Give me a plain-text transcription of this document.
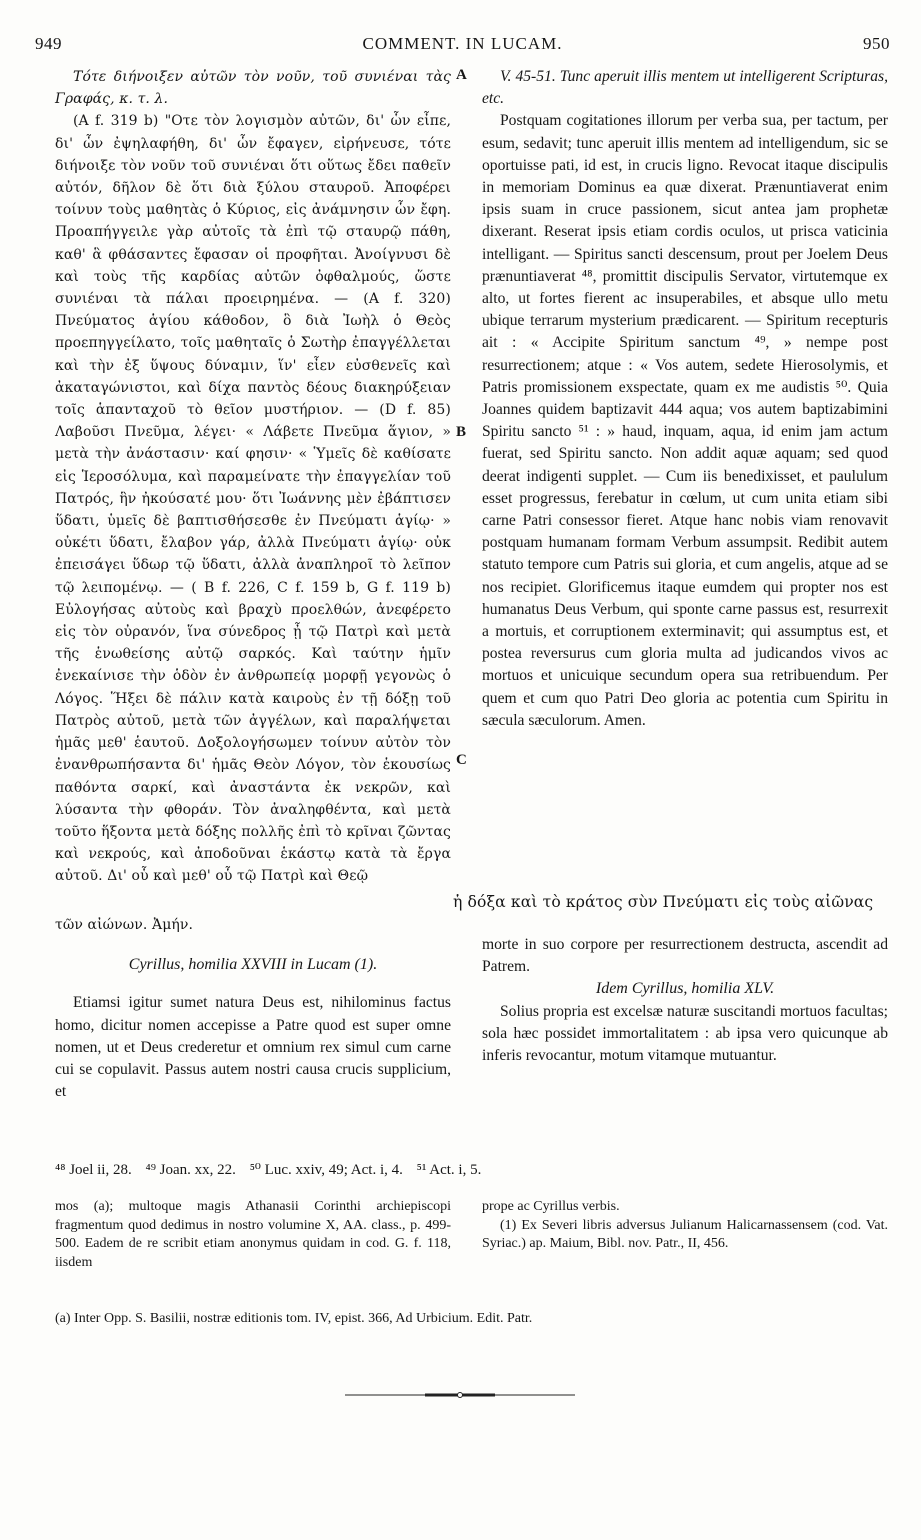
949	COMMENT. IN LUCAM.	950
A
B
C

Τότε διήνοιξεν αὐτῶν τὸν νοῦν, τοῦ συνιέναι τὰς Γραφάς, κ. τ. λ.

(A f. 319 b) "Οτε τὸν λογισμὸν αὐτῶν, δι' ὧν εἶπε, δι' ὧν ἐψηλαφήθη, δι' ὧν ἔφαγεν, εἰρήνευσε, τότε διήνοιξε τὸν νοῦν τοῦ συνιέναι ὅτι οὕτως ἔδει παθεῖν αὐτόν, δῆλον δὲ ὅτι διὰ ξύλου σταυροῦ. Ἀποφέρει τοίνυν τοὺς μαθητὰς ὁ Κύριος, εἰς ἀνάμνησιν ὧν ἔφη. Προαπήγγειλε γὰρ αὐτοῖς τὰ ἐπὶ τῷ σταυρῷ πάθη, καθ' ἃ φθάσαντες ἔφασαν οἱ προφῆται. Ἀνοίγνυσι δὲ καὶ τοὺς τῆς καρδίας αὐτῶν ὀφθαλμούς, ὥστε συνιέναι τὰ πάλαι προειρημένα. — (A f. 320) Πνεύματος ἁγίου κάθοδον, ὃ διὰ Ἰωὴλ ὁ Θεὸς προεπηγγείλατο, τοῖς μαθηταῖς ὁ Σωτὴρ ἐπαγγέλλεται καὶ τὴν ἐξ ὕψους δύναμιν, ἵν' εἶεν εὐσθενεῖς καὶ ἀκαταγώνιστοι, καὶ δίχα παντὸς δέους διακηρύξειαν τοῖς ἁπανταχοῦ τὸ θεῖον μυστήριον. — (D f. 85) Λαβοῦσι Πνεῦμα, λέγει· « Λάβετε Πνεῦμα ἅγιον, » μετὰ τὴν ἀνάστασιν· καί φησιν· « Ὑμεῖς δὲ καθίσατε εἰς Ἱεροσόλυμα, καὶ παραμείνατε τὴν ἐπαγγελίαν τοῦ Πατρός, ἣν ἠκούσατέ μου· ὅτι Ἰωάννης μὲν ἐβάπτισεν ὕδατι, ὑμεῖς δὲ βαπτισθήσεσθε ἐν Πνεύματι ἁγίῳ· » οὐκέτι ὕδατι, ἔλαβον γάρ, ἀλλὰ Πνεύματι ἁγίῳ· οὐκ ἐπεισάγει ὕδωρ τῷ ὕδατι, ἀλλὰ ἀναπληροῖ τὸ λεῖπον τῷ λειπομένῳ. — ( B f. 226, C f. 159 b, G f. 119 b) Εὐλογήσας αὐτοὺς καὶ βραχὺ προελθών, ἀνεφέρετο εἰς τὸν οὐρανόν, ἵνα σύνεδρος ᾖ τῷ Πατρὶ καὶ μετὰ τῆς ἑνωθείσης αὐτῷ σαρκός. Καὶ ταύτην ἡμῖν ἐνεκαίνισε τὴν ὁδὸν ἐν ἀνθρωπείᾳ μορφῇ γεγονὼς ὁ Λόγος. Ἥξει δὲ πάλιν κατὰ καιροὺς ἐν τῇ δόξῃ τοῦ Πατρὸς αὐτοῦ, μετὰ τῶν ἀγγέλων, καὶ παραλήψεται ἡμᾶς μεθ' ἑαυτοῦ. Δοξολογήσωμεν τοίνυν αὐτὸν τὸν ἐνανθρωπήσαντα δι' ἡμᾶς Θεὸν Λόγον, τὸν ἑκουσίως παθόντα σαρκί, καὶ ἀναστάντα ἐκ νεκρῶν, καὶ λύσαντα τὴν φθοράν. Τὸν ἀναληφθέντα, καὶ μετὰ τοῦτο ἥξοντα μετὰ δόξης πολλῆς ἐπὶ τὸ κρῖναι ζῶντας καὶ νεκρούς, καὶ ἀποδοῦναι ἑκάστῳ κατὰ τὰ ἔργα αὐτοῦ. Δι' οὗ καὶ μεθ' οὗ τῷ Πατρὶ καὶ Θεῷ

ἡ δόξα καὶ τὸ κράτος σὺν Πνεύματι εἰς τοὺς αἰῶνας

τῶν αἰώνων. Ἀμήν.

Cyrillus, homilia XXVIII in Lucam (1).

Etiamsi igitur sumet natura Deus est, nihilominus factus homo, dicitur nomen accepisse a Patre quod est super omne nomen, ut et Deus crederetur et omnium rex simul cum carne cui se copulavit. Passus autem nostri causa crucis supplicium, et

V. 45-51. Tunc aperuit illis mentem ut intelligerent Scripturas, etc.

Postquam cogitationes illorum per verba sua, per tactum, per esum, sedavit; tunc aperuit illis mentem ad intelligendum, sic se oportuisse pati, id est, in crucis ligno. Revocat itaque discipulis in memoriam Dominus ea quæ dixerat. Prænuntiaverat enim ipsis suam in cruce passionem, sicut antea jam prophetæ dixerant. Reserat ipsis etiam cordis oculos, ut prisca vaticinia intelligant. — Spiritus sancti descensum, prout per Joelem Deus prænuntiaverat ⁴⁸, promittit discipulis Servator, virtutemque ex alto, ut fortes fierent ac insuperabiles, et absque ullo metu ubique terrarum mysterium prædicarent. — Spiritum recepturis ait : « Accipite Spiritum sanctum ⁴⁹, » nempe post resurrectionem; atque : « Vos autem, sedete Hierosolymis, et Patris promissionem exspectate, quam ex me audistis ⁵⁰. Quia Joannes quidem baptizavit 444 aqua; vos autem baptizabimini Spiritu sancto ⁵¹ : » haud, inquam, aqua, id enim jam actum fuerat, sed Spiritu sancto. Non addit aquæ aquam; sed quod deerat indigenti supplet. — Cum iis benedixisset, et paululum esset progressus, ferebatur in cœlum, ut cum unita etiam sibi carne Patri consessor fieret. Atque hanc nobis viam renovavit postquam humanam formam Verbum assumpsit. Redibit autem statuto tempore cum Patris sui gloria, et cum angelis, atque ad se nos recipiet. Glorificemus itaque eumdem qui propter nos est humanatus Deus Verbum, qui sponte carne passus est, resurrexit a mortuis, et corruptionem exterminavit; qui assumptus est, et postea reversurus cum gloria multa ad judicandos vivos ac mortuos et unicuique secundum opera sua retribuendum. Per quem et cum quo Patri Deo gloria ac potentia cum Spiritu in sæcula sæculorum. Amen.

morte in suo corpore per resurrectionem destructa, ascendit ad Patrem.

Idem Cyrillus, homilia XLV.

Solius propria est excelsæ naturæ suscitandi mortuos facultas; sola hæc possidet immortalitatem : ab ipsa vero quicunque ab inferis revocantur, motum vitamque mutuantur.

⁴⁸ Joel ii, 28. ⁴⁹ Joan. xx, 22. ⁵⁰ Luc. xxiv, 49; Act. i, 4. ⁵¹ Act. i, 5.

mos (a); multoque magis Athanasii Corinthi archiepiscopi fragmentum quod dedimus in nostro volumine X, AA. class., p. 499-500. Eadem de re scribit etiam anonymus quidam in cod. G. f. 118, iisdem

prope ac Cyrillus verbis.

(1) Ex Severi libris adversus Julianum Halicarnassensem (cod. Vat. Syriac.) ap. Maium, Bibl. nov. Patr., II, 456.

(a) Inter Opp. S. Basilii, nostræ editionis tom. IV, epist. 366, Ad Urbicium. Edit. Patr.
